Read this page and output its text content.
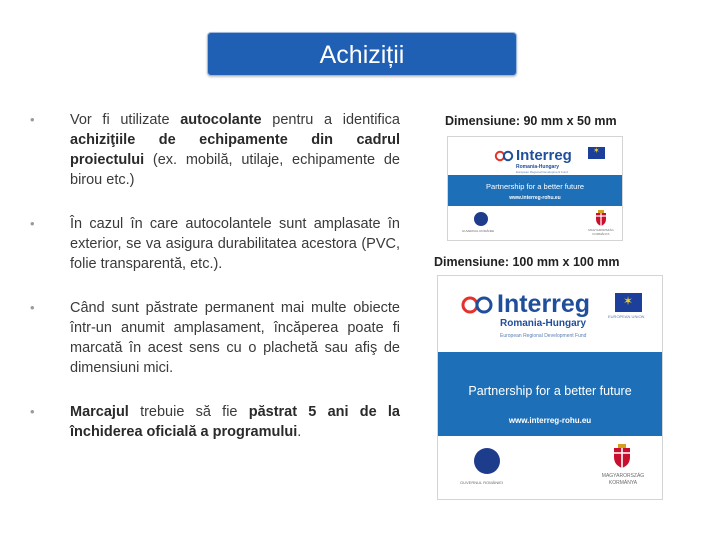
Achiziții
• Vor fi utilizate autocolante pentru a identifica achiziţiile de echipamente din cadrul proiectului (ex. mobilă, utilaje, echipamente de birou etc.)
• În cazul în care autocolantele sunt amplasate în exterior, se va asigura durabilitatea acestora (PVC, folie transparentă, etc.).
• Când sunt păstrate permanent mai multe obiecte într-un anumit amplasament, încăperea poate fi marcată în acest sens cu o plachetă sau afiş de dimensiuni mici.
• Marcajul trebuie să fie păstrat 5 ani de la închiderea oficială a programului.
Dimensiune: 90 mm x 50 mm
Interreg	✶
Romania-Hungary
European Regional Development Fund
Partnership for a better future
www.interreg-rohu.eu
GUVERNUL ROMÂNIEI	MAGYARORSZÁG KORMÁNYA
Dimensiune: 100 mm x 100 mm
Interreg	✶
EUROPEAN UNION
Romania-Hungary
European Regional Development Fund
Partnership for a better future
www.interreg-rohu.eu
GUVERNUL ROMÂNIEI
MAGYARORSZÁG
KORMÁNYA
